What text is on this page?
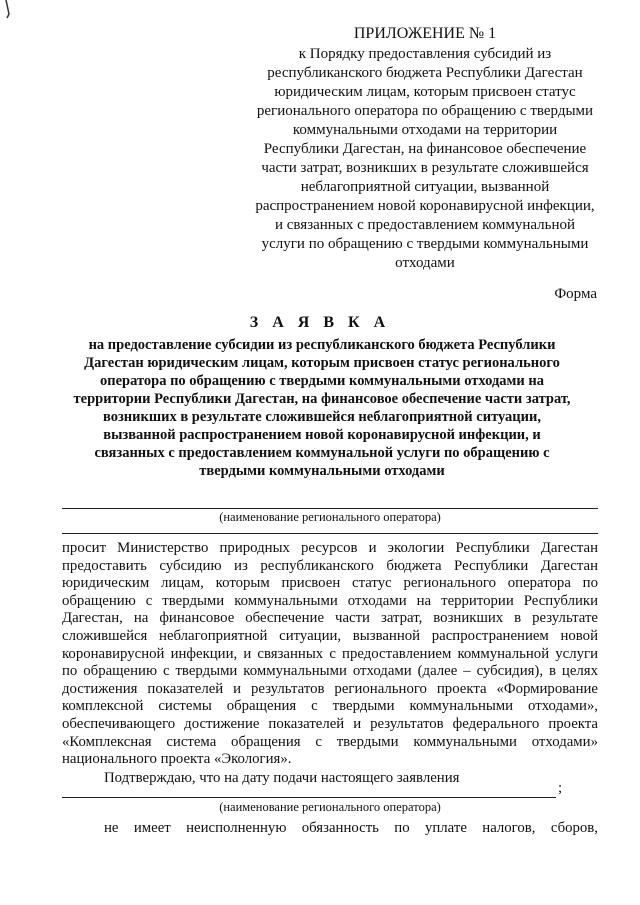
ПРИЛОЖЕНИЕ № 1
к Порядку предоставления субсидий из
республиканского бюджета Республики Дагестан
юридическим лицам, которым присвоен статус
регионального оператора по обращению с твердыми
коммунальными отходами на территории
Республики Дагестан, на финансовое обеспечение
части затрат, возникших в результате сложившейся
неблагоприятной ситуации, вызванной
распространением новой коронавирусной инфекции,
и связанных с предоставлением коммунальной
услуги по обращению с твердыми коммунальными
отходами
Форма
З А Я В К А
на предоставление субсидии из республиканского бюджета Республики
Дагестан юридическим лицам, которым присвоен статус регионального
оператора по обращению с твердыми коммунальными отходами на
территории Республики Дагестан, на финансовое обеспечение части затрат,
возникших в результате сложившейся неблагоприятной ситуации,
вызванной распространением новой коронавирусной инфекции, и
связанных с предоставлением коммунальной услуги по обращению с
твердыми коммунальными отходами
(наименование регионального оператора)

просит Министерство природных ресурсов и экологии Республики Дагестан предоставить субсидию из республиканского бюджета Республики Дагестан юридическим лицам, которым присвоен статус регионального оператора по обращению с твердыми коммунальными отходами на территории Республики Дагестан, на финансовое обеспечение части затрат, возникших в результате сложившейся неблагоприятной ситуации, вызванной распространением новой коронавирусной инфекции, и связанных с предоставлением коммунальной услуги по обращению с твердыми коммунальными отходами (далее – субсидия), в целях достижения показателей и результатов регионального проекта «Формирование комплексной системы обращения с твердыми коммунальными отходами», обеспечивающего достижение показателей и результатов федерального проекта «Комплексная система обращения с твердыми коммунальными отходами» национального проекта «Экология».

Подтверждаю, что на дату подачи настоящего заявления
;
(наименование регионального оператора)
не имеет неисполненную обязанность по уплате налогов, сборов,
